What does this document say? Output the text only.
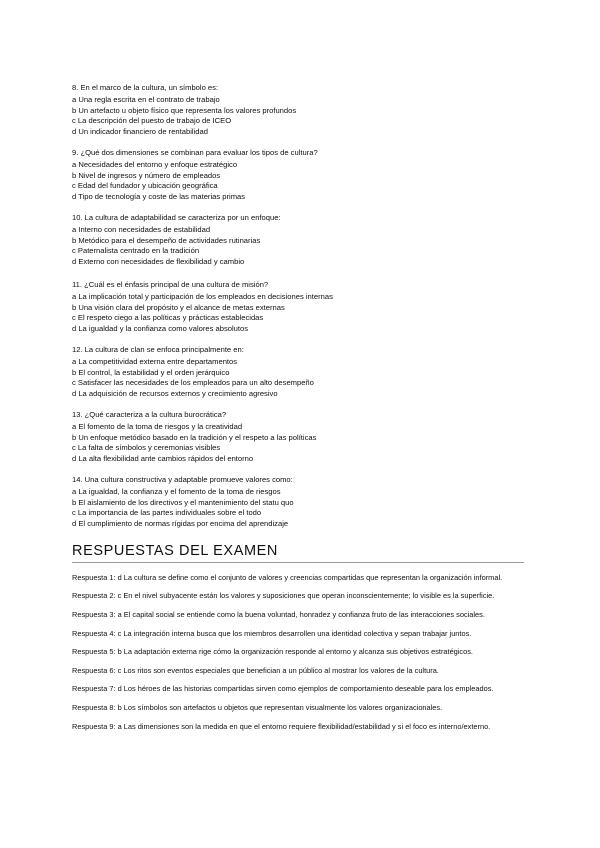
8. En el marco de la cultura, un símbolo es:
a Una regla escrita en el contrato de trabajo
b Un artefacto u objeto físico que representa los valores profundos
c La descripción del puesto de trabajo de ICEO
d Un indicador financiero de rentabilidad
9. ¿Qué dos dimensiones se combinan para evaluar los tipos de cultura?
a Necesidades del entorno y enfoque estratégico
b Nivel de ingresos y número de empleados
c Edad del fundador y ubicación geográfica
d Tipo de tecnología y coste de las materias primas
10. La cultura de adaptabilidad se caracteriza por un enfoque:
a Interno con necesidades de estabilidad
b Metódico para el desempeño de actividades rutinarias
c Paternalista centrado en la tradición
d Externo con necesidades de flexibilidad y cambio
11. ¿Cuál es el énfasis principal de una cultura de misión?
a La implicación total y participación de los empleados en decisiones internas
b Una visión clara del propósito y el alcance de metas externas
c El respeto ciego a las políticas y prácticas establecidas
d La igualdad y la confianza como valores absolutos
12. La cultura de clan se enfoca principalmente en:
a La competitividad externa entre departamentos
b El control, la estabilidad y el orden jerárquico
c Satisfacer las necesidades de los empleados para un alto desempeño
d La adquisición de recursos externos y crecimiento agresivo
13. ¿Qué caracteriza a la cultura burocrática?
a El fomento de la toma de riesgos y la creatividad
b Un enfoque metódico basado en la tradición y el respeto a las políticas
c La falta de símbolos y ceremonias visibles
d La alta flexibilidad ante cambios rápidos del entorno
14. Una cultura constructiva y adaptable promueve valores como:
a La igualdad, la confianza y el fomento de la toma de riesgos
b El aislamiento de los directivos y el mantenimiento del statu quo
c La importancia de las partes individuales sobre el todo
d El cumplimiento de normas rígidas por encima del aprendizaje
RESPUESTAS DEL EXAMEN
Respuesta 1: d La cultura se define como el conjunto de valores y creencias compartidas que representan la organización informal.
Respuesta 2: c En el nivel subyacente están los valores y suposiciones que operan inconscientemente; lo visible es la superficie.
Respuesta 3: a El capital social se entiende como la buena voluntad, honradez y confianza fruto de las interacciones sociales.
Respuesta 4: c La integración interna busca que los miembros desarrollen una identidad colectiva y sepan trabajar juntos.
Respuesta 5: b La adaptación externa rige cómo la organización responde al entorno y alcanza sus objetivos estratégicos.
Respuesta 6: c Los ritos son eventos especiales que benefician a un público al mostrar los valores de la cultura.
Respuesta 7: d Los héroes de las historias compartidas sirven como ejemplos de comportamiento deseable para los empleados.
Respuesta 8: b Los símbolos son artefactos u objetos que representan visualmente los valores organizacionales.
Respuesta 9: a Las dimensiones son la medida en que el entorno requiere flexibilidad/estabilidad y si el foco es interno/externo.
